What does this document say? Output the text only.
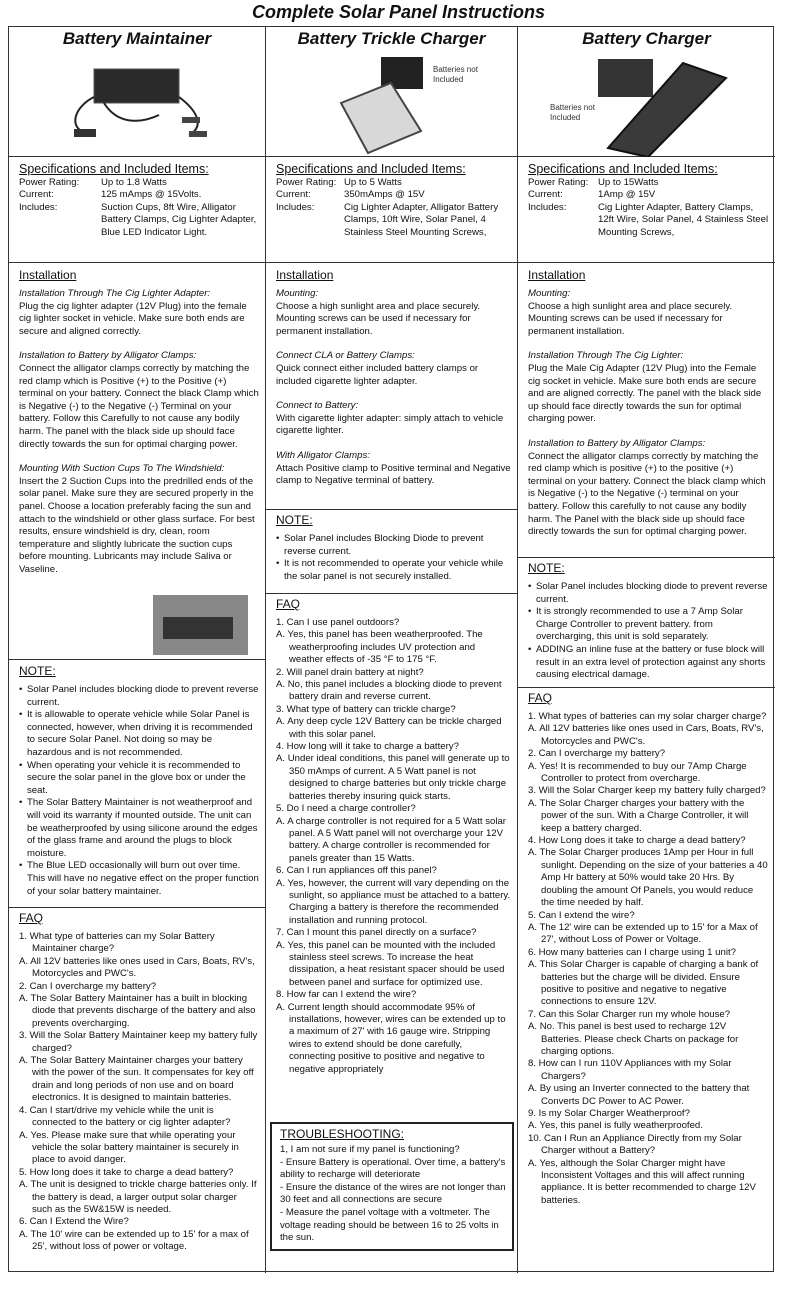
Complete Solar Panel Instructions
Battery Maintainer
Specifications and Included Items:
Power Rating:	Up to 1.8 Watts
Current:	125 mAmps @ 15Volts.
Includes:	Suction Cups, 8ft Wire, Alligator Battery Clamps, Cig Lighter Adapter, Blue LED Indicator Light.
Installation
Installation Through The Cig Lighter Adapter:
Plug the cig lighter adapter (12V Plug) into the female cig lighter socket in vehicle. Make sure both ends are secure and aligned correctly.
Installation to Battery by Alligator Clamps:
Connect the alligator clamps correctly by matching the red clamp which is Positive (+) to the Positive (+) terminal on your battery. Connect the black Clamp which is Negative (-) to the Negative (-) Terminal on your battery. Follow this Carefully to not cause any bodily harm. The panel with the black side up should face directly towards the sun for optimal charging power.
Mounting With Suction Cups To The Windshield:
Insert the 2 Suction Cups into the predrilled ends of the solar panel. Make sure they are secured properly in the panel. Choose a location preferably facing the sun and attach to the windshield or other glass surface. For best results, ensure windshield is dry, clean, room temperature and slightly lubricate the suction cups before mounting. Lubricants may include Saliva or Vaseline.
NOTE:
• Solar Panel includes blocking diode to prevent reverse current.
• It is allowable to operate vehicle while Solar Panel is connected, however, when driving it is recommended to secure Solar Panel. Not doing so may be hazardous and is not recommended.
• When operating your vehicle it is recommended to secure the solar panel in the glove box or under the seat.
• The Solar Battery Maintainer is not weatherproof and will void its warranty if mounted outside. The unit can be weatherproofed by using silicone around the edges of the glass frame and around the plugs to block moisture.
• The Blue LED occasionally will burn out over time. This will have no negative effect on the proper function of your solar battery maintainer.
FAQ
1. What type of batteries can my Solar Battery Maintainer charge?
A. All 12V batteries like ones used in Cars, Boats, RV's, Motorcycles and PWC's.
2. Can I overcharge my battery?
A. The Solar Battery Maintainer has a built in blocking diode that prevents discharge of the battery and also prevents overcharging.
3. Will the Solar Battery Maintainer keep my battery fully charged?
A. The Solar Battery Maintainer charges your battery with the power of the sun. It compensates for key off drain and long periods of non use and on board electronics. It is designed to maintain batteries.
4. Can I start/drive my vehicle while the unit is connected to the battery or cig lighter adapter?
A. Yes. Please make sure that while operating your vehicle the solar battery maintainer is securely in place to avoid danger.
5. How long does it take to charge a dead battery?
A. The unit is designed to trickle charge batteries only. If the battery is dead, a larger output solar charger such as the 5W&15W is needed.
6. Can I Extend the Wire?
A. The 10' wire can be extended up to 15' for a max of 25', without loss of power or voltage.
Battery Trickle Charger
Batteries not Included
Specifications and Included Items:
Power Rating: Up to 5 Watts
Current:	350mAmps @ 15V
Includes:	Cig Lighter Adapter, Alligator Battery Clamps, 10ft Wire, Solar Panel, 4 Stainless Steel Mounting Screws,
Installation
Mounting:
Choose a high sunlight area and place securely. Mounting screws can be used if necessary for permanent installation.
Connect CLA or Battery Clamps:
Quick connect either included battery clamps or included cigarette lighter adapter.
Connect to Battery:
With cigarette lighter adapter: simply attach to vehicle cigarette lighter.
With Alligator Clamps:
Attach Positive clamp to Positive terminal and Negative clamp to Negative terminal of battery.
NOTE:
• Solar Panel includes Blocking Diode to prevent reverse current.
• It is not recommended to operate your vehicle while the solar panel is not securely installed.
FAQ
1. Can I use panel outdoors?
A. Yes, this panel has been weatherproofed. The weatherproofing includes UV protection and weather effects of -35 °F to 175 °F.
2. Will panel drain battery at night?
A. No, this panel includes a blocking diode to prevent battery drain and reverse current.
3. What type of battery can trickle charge?
A. Any deep cycle 12V Battery can be trickle charged with this solar panel.
4. How long will it take to charge a battery?
A. Under ideal conditions, this panel will generate up to 350 mAmps of current. A 5 Watt panel is not designed to charge batteries but only trickle charge batteries thereby insuring quick starts.
5. Do I need a charge controller?
A. A charge controller is not required for a 5 Watt solar panel. A 5 Watt panel will not overcharge your 12V battery. A charge controller is recommended for panels greater than 15 Watts.
6. Can I run appliances off this panel?
A. Yes, however, the current will vary depending on the sunlight, so appliance must be attached to a battery. Charging a battery is therefore the recommended installation and running protocol.
7. Can I mount this panel directly on a surface?
A. Yes, this panel can be mounted with the included stainless steel screws. To increase the heat dissipation, a heat resistant spacer should be used between panel and surface for optimized use.
8. How far can I extend the wire?
A. Current length should accommodate 95% of installations, however, wires can be extended up to a maximum of 27' with 16 gauge wire. Stripping wires to extend should be done carefully, connecting positive to positive and negative to negative appropriately
TROUBLESHOOTING:
1, I am not sure if my panel is functioning?
- Ensure Battery is operational. Over time, a battery's ability to recharge will deteriorate
- Ensure the distance of the wires are not longer than 30 feet and all connections are secure
- Measure the panel voltage with a voltmeter. The voltage reading should be between 16 to 25 volts in the sun.
Battery Charger
Batteries not Included
Specifications and Included Items:
Power Rating:	Up to 15Watts
Current:	1Amp @ 15V
Includes:	Cig Lighter Adapter, Battery Clamps, 12ft Wire, Solar Panel, 4 Stainless Steel Mounting Screws,
Installation
Mounting:
Choose a high sunlight area and place securely. Mounting screws can be used if necessary for permanent installation.
Installation Through The Cig Lighter:
Plug the Male Cig Adapter (12V Plug) into the Female cig socket in vehicle. Make sure both ends are secure and are aligned correctly. The panel with the black side up should face directly towards the sun for optimal charging power.
Installation to Battery by Alligator Clamps:
Connect the alligator clamps correctly by matching the red clamp which is positive (+) to the positive (+) terminal on your battery. Connect the black clamp which is Negative (-) to the Negative (-) terminal on your battery. Follow this carefully to not cause any bodily harm. The Panel with the black side up should face directly towards the sun for optimal charging power.
NOTE:
• Solar Panel includes blocking diode to prevent reverse current.
• It is strongly recommended to use a 7 Amp Solar Charge Controller to prevent battery. from overcharging, this unit is sold separately.
• ADDING an inline fuse at the battery or fuse block will result in an extra level of protection against any shorts causing electrical damage.
FAQ
1. What types of batteries can my solar charger charge?
A. All 12V batteries like ones used in Cars, Boats, RV's, Motorcycles and PWC's.
2. Can I overcharge my battery?
A. Yes! It is recommended to buy our 7Amp Charge Controller to protect from overcharge.
3. Will the Solar Charger keep my battery fully charged?
A. The Solar Charger charges your battery with the power of the sun. With a Charge Controller, it will keep a battery charged.
4. How Long does it take to charge a dead battery?
A. The Solar Charger produces 1Amp per Hour in full sunlight. Depending on the size of your batteries a 40 Amp Hr battery at 50% would take 20 Hrs. By doubling the amount Of Panels, you would reduce the time needed by half.
5. Can I extend the wire?
A. The 12' wire can be extended up to 15' for a Max of 27', without Loss of Power or Voltage.
6. How many batteries can I charge using 1 unit?
A. This Solar Charger is capable of charging a bank of batteries but the charge will be divided. Ensure positive to positive and negative to negative connections to ensure 12V.
7. Can this Solar Charger run my whole house?
A. No. This panel is best used to recharge 12V Batteries. Please check Charts on package for charging options.
8. How can I run 110V Appliances with my Solar Chargers?
A. By using an Inverter connected to the battery that Converts DC Power to AC Power.
9. Is my Solar Charger Weatherproof?
A. Yes, this panel is fully weatherproofed.
10. Can I Run an Appliance Directly from my Solar Charger without a Battery?
A. Yes, although the Solar Charger might have Inconsistent Voltages and this will affect running appliance. It is better recommended to charge 12V batteries.
